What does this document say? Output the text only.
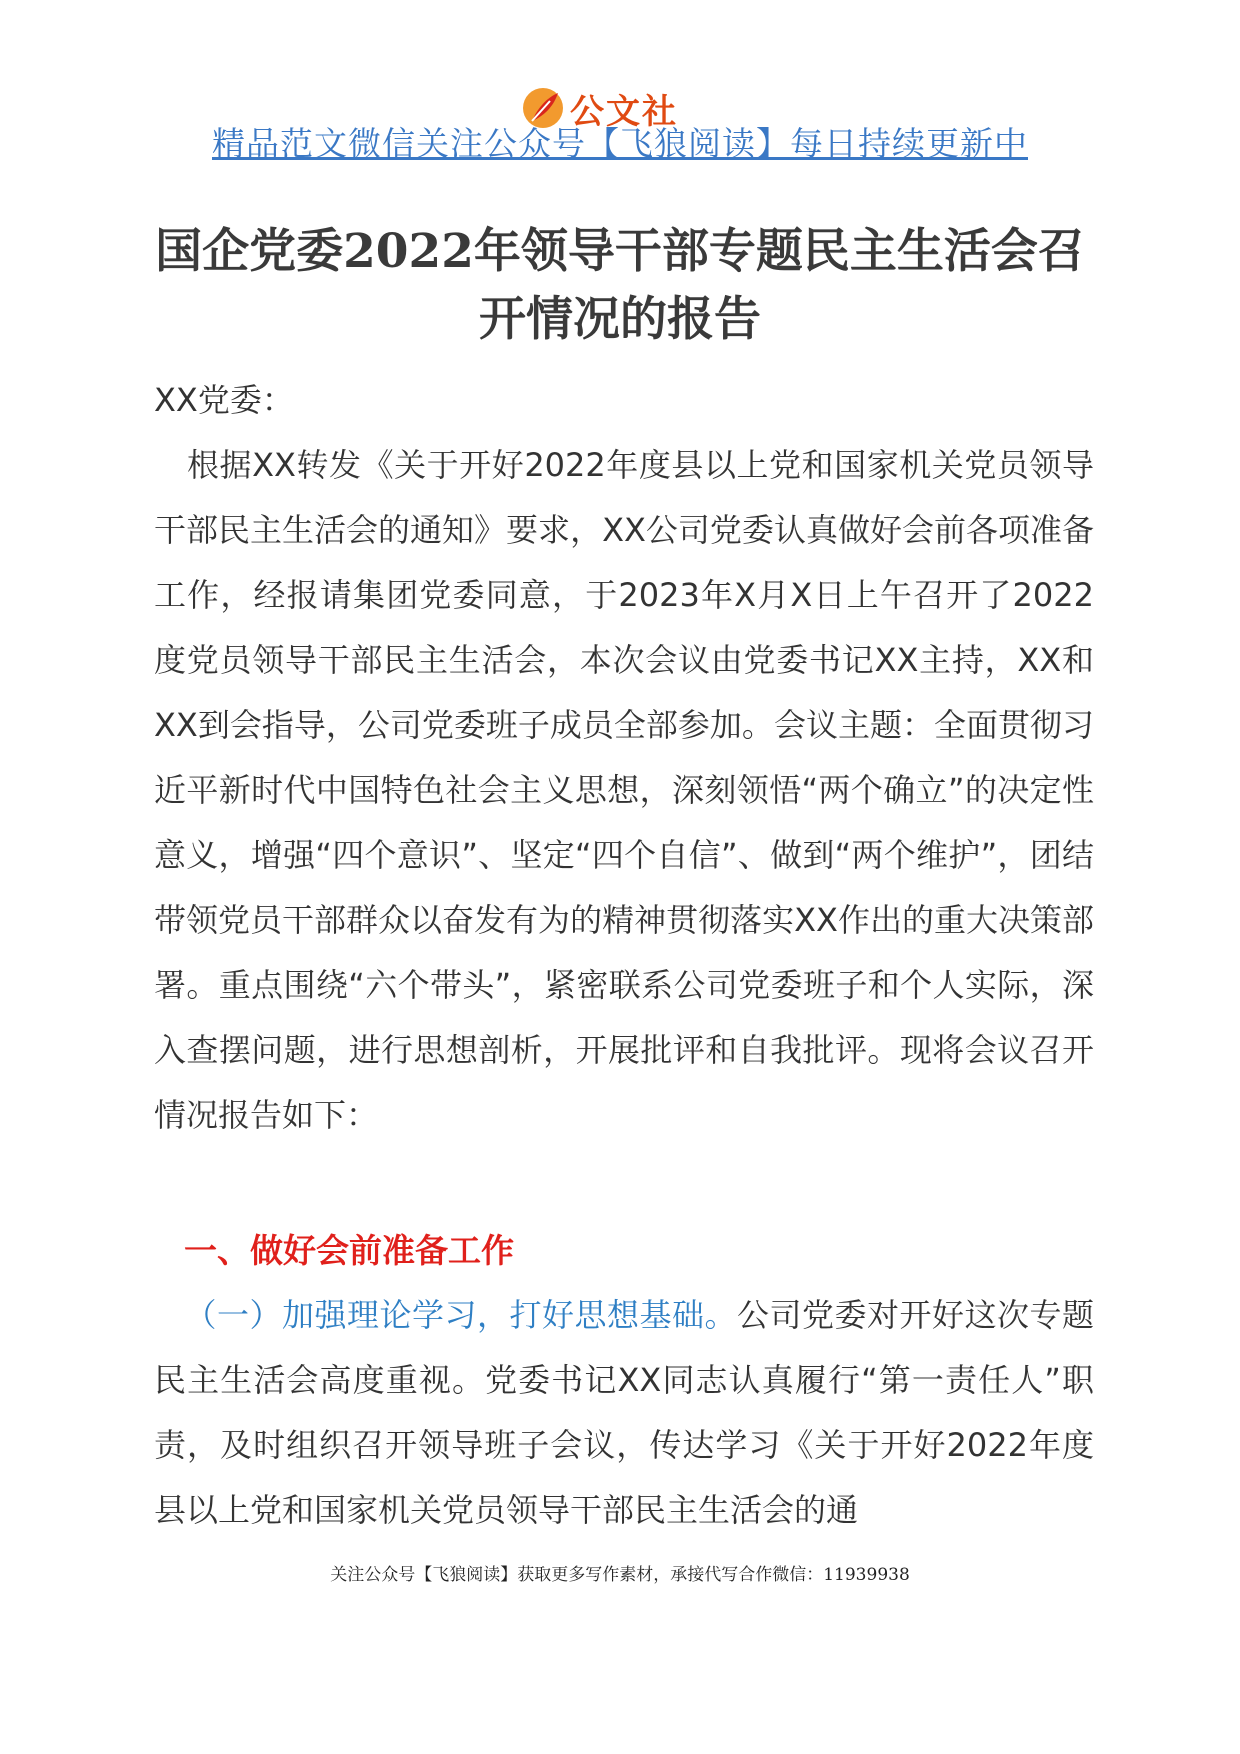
公文社
精品范文微信关注公众号【飞狼阅读】每日持续更新中
国企党委2022年领导干部专题民主生活会召
开情况的报告

XX党委：

根据XX转发《关于开好2022年度县以上党和国家机关党员领导干部民主生活会的通知》要求，XX公司党委认真做好会前各项准备工作，经报请集团党委同意，于2023年X月X日上午召开了2022度党员领导干部民主生活会，本次会议由党委书记XX主持，XX和XX到会指导，公司党委班子成员全部参加。会议主题：全面贯彻习近平新时代中国特色社会主义思想，深刻领悟“两个确立”的决定性意义，增强“四个意识”、坚定“四个自信”、做到“两个维护”，团结带领党员干部群众以奋发有为的精神贯彻落实XX作出的重大决策部署。重点围绕“六个带头”，紧密联系公司党委班子和个人实际，深入查摆问题，进行思想剖析，开展批评和自我批评。现将会议召开情况报告如下：

一、做好会前准备工作

（一）加强理论学习，打好思想基础。公司党委对开好这次专题民主生活会高度重视。党委书记XX同志认真履行“第一责任人”职责，及时组织召开领导班子会议，传达学习《关于开好2022年度县以上党和国家机关党员领导干部民主生活会的通

关注公众号【飞狼阅读】获取更多写作素材，承接代写合作微信：11939938
